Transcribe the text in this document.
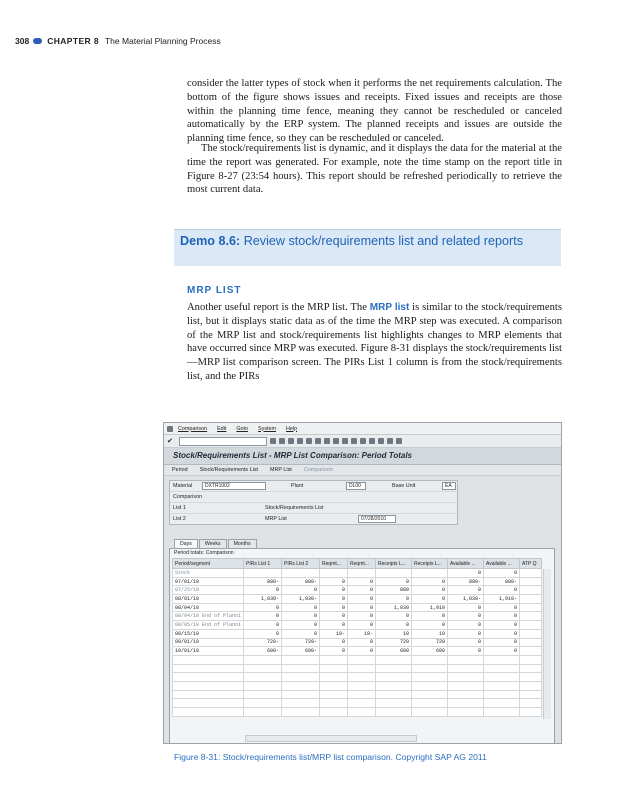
308 CHAPTER 8 The Material Planning Process

consider the latter types of stock when it performs the net requirements calculation. The bottom of the figure shows issues and receipts. Fixed issues and receipts are those within the planning time fence, meaning they cannot be rescheduled or canceled automatically by the ERP system. The planned receipts and issues are outside the planning time fence, so they can be rescheduled or canceled.

The stock/requirements list is dynamic, and it displays the data for the material at the time the report was generated. For example, note the time stamp on the report title in Figure 8-27 (23:54 hours). This report should be refreshed periodically to retrieve the most current data.

Demo 8.6: Review stock/requirements list and related reports
MRP LIST

Another useful report is the MRP list. The MRP list is similar to the stock/requirements list, but it displays static data as of the time the MRP step was executed. A comparison of the MRP list and stock/requirements list highlights changes to MRP elements that have occurred since MRP was executed. Figure 8-31 displays the stock/requirements list—MRP list comparison screen. The PIRs List 1 column is from the stock/requirements list, and the PIRs

Comparison Edit Goto System Help
✔
Stock/Requirements List - MRP List Comparison: Period Totals
Period Stock/Requirements List MRP List Comparison
Material	DXTR1002	Plant	DL00	Base Unit	EA
Comparison
List 1	Stock/Requirements List
List 2	MRP List	07/28/2010
Days	Weeks	Months
Period totals: Comparison
Period/segment	PIRs List 1	PIRs List 2	Reqmt...	Reqmt...	Receipts L...	Receipts L...	Available ...	Available ...	ATP Q
Stock							0	0	
07/01/10	880-	880-	0	0	0	0	880-	880-	
07/25/10	0	0	0	0	880	0	0	0	
08/01/10	1,030-	1,030-	0	0	0	0	1,030-	1,910-	
08/04/10	0	0	0	0	1,030	1,910	0	0	
08/04/10 End of Planni	0	0	0	0	0	0	0	0	
08/05/10 End of Planni	0	0	0	0	0	0	0	0	
08/15/10	0	0	10-	10-	10	10	0	0	
09/01/10	720-	720-	0	0	720	720	0	0	
10/01/10	600-	600-	0	0	600	600	0	0	

Figure 8-31: Stock/requirements list/MRP list comparison. Copyright SAP AG 2011
